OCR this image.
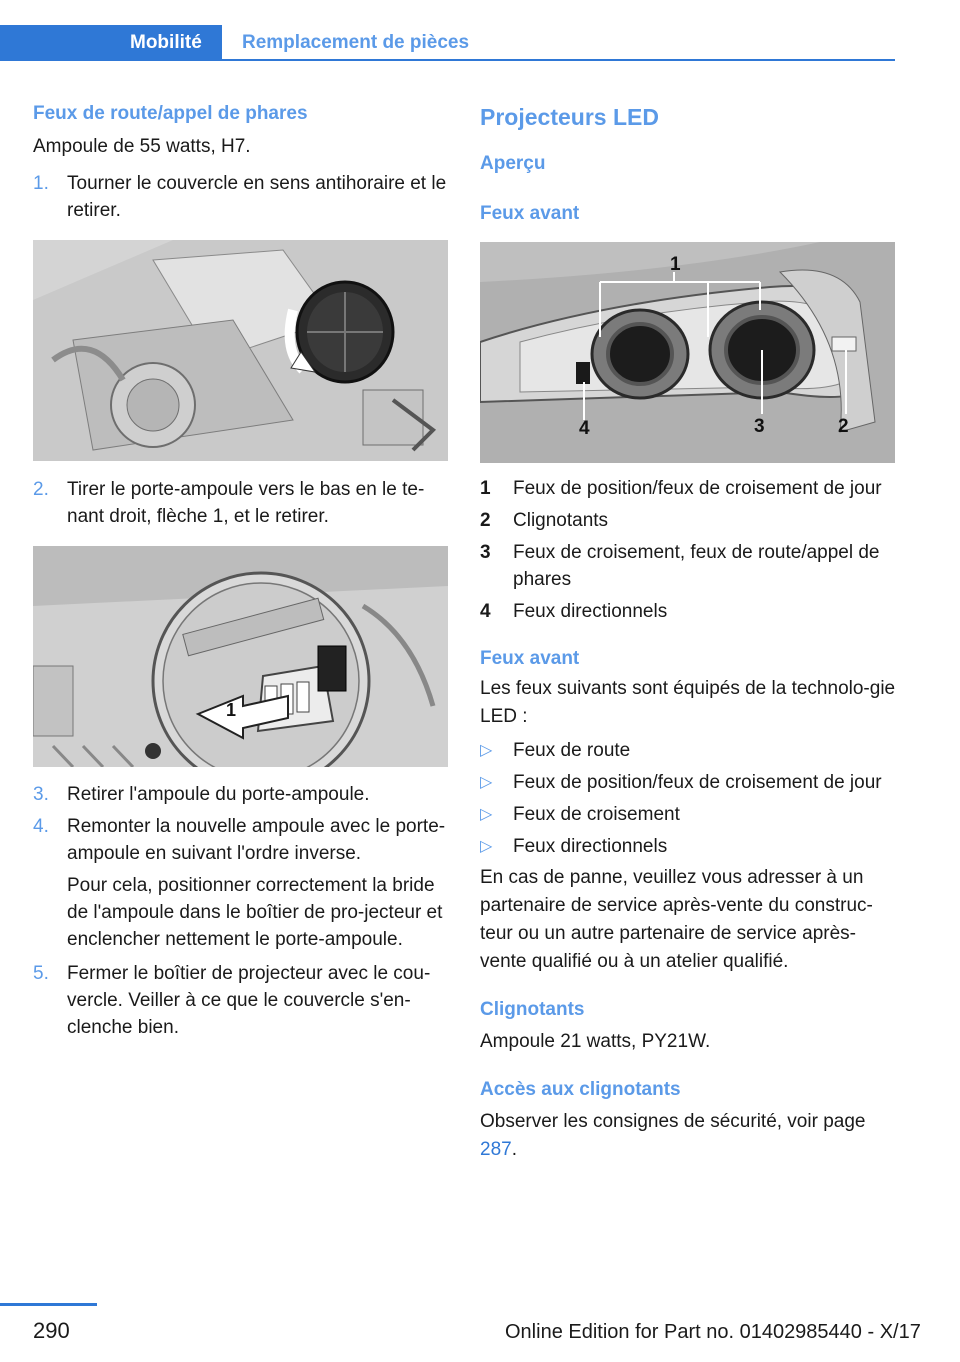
Mobilité Remplacement de pièces
Feux de route/appel de phares

Ampoule de 55 watts, H7.

1. Tourner le couvercle en sens antihoraire et le retirer.
2. Tirer le porte-ampoule vers le bas en le te‐nant droit, flèche 1, et le retirer.
1
3. Retirer l'ampoule du porte-ampoule.
4. Remonter la nouvelle ampoule avec le porte-ampoule en suivant l'ordre inverse.
Pour cela, positionner correctement la bride de l'ampoule dans le boîtier de pro‐jecteur et enclencher nettement le porte-ampoule.
5. Fermer le boîtier de projecteur avec le cou‐vercle. Veiller à ce que le couvercle s'en‐clenche bien.
Projecteurs LED
Aperçu
Feux avant
1
2
3
4
1	Feux de position/feux de croisement de jour
2	Clignotants
3	Feux de croisement, feux de route/appel de phares
4	Feux directionnels
Feux avant

Les feux suivants sont équipés de la technolo‐gie LED :

▷	Feux de route
▷	Feux de position/feux de croisement de jour
▷	Feux de croisement
▷	Feux directionnels

En cas de panne, veuillez vous adresser à un partenaire de service après-vente du construc‐teur ou un autre partenaire de service après-vente qualifié ou à un atelier qualifié.

Clignotants

Ampoule 21 watts, PY21W.

Accès aux clignotants

Observer les consignes de sécurité, voir page 287.

290	Online Edition for Part no. 01402985440 - X/17
